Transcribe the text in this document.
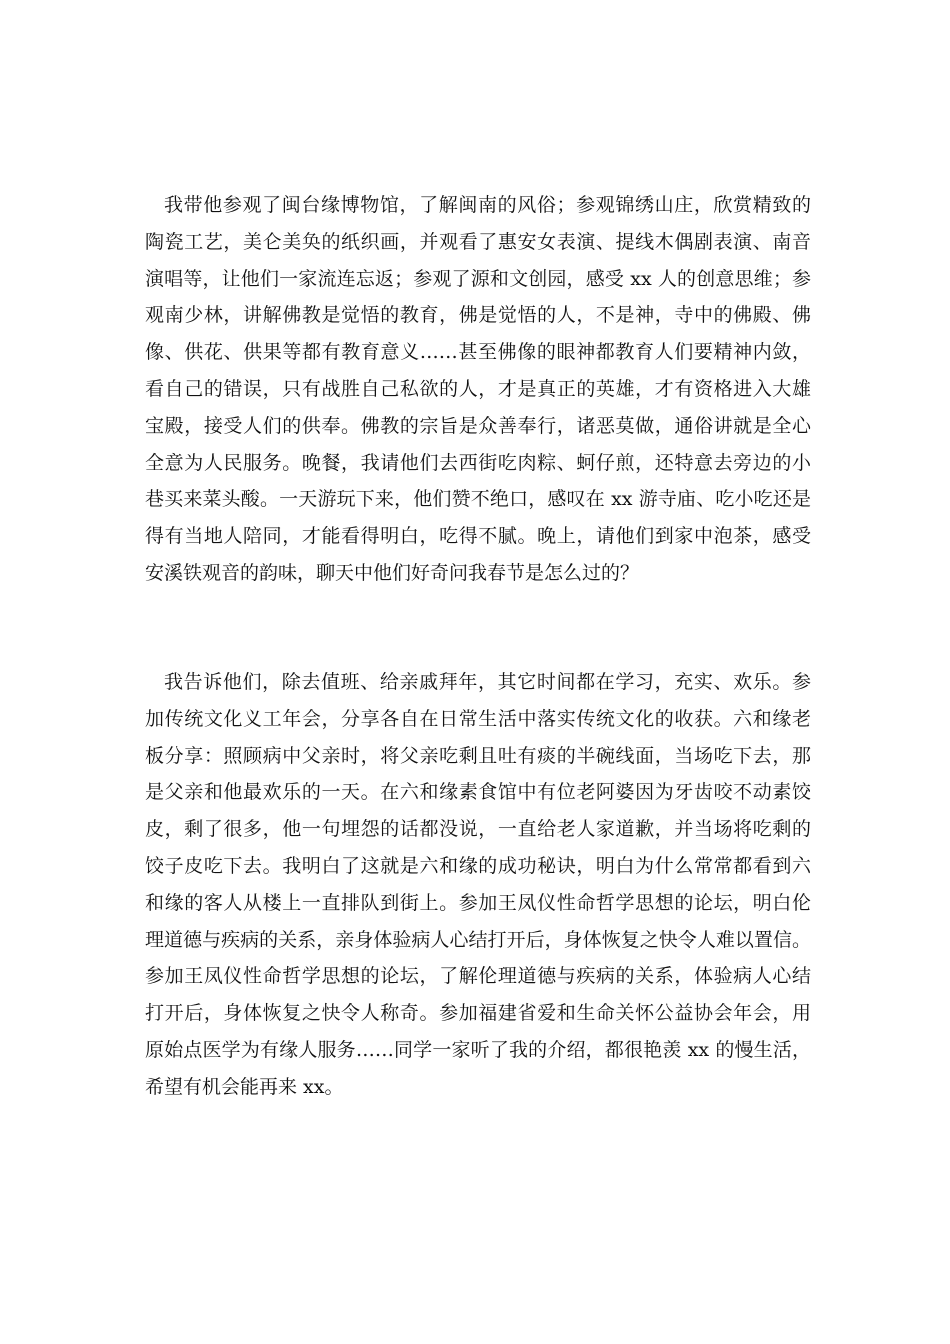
我带他参观了闽台缘博物馆，了解闽南的风俗；参观锦绣山庄，欣赏精致的
陶瓷工艺，美仑美奂的纸织画，并观看了惠安女表演、提线木偶剧表演、南音
演唱等，让他们一家流连忘返；参观了源和文创园，感受 xx 人的创意思维；参
观南少林，讲解佛教是觉悟的教育，佛是觉悟的人，不是神，寺中的佛殿、佛
像、供花、供果等都有教育意义……甚至佛像的眼神都教育人们要精神内敛，
看自己的错误，只有战胜自己私欲的人，才是真正的英雄，才有资格进入大雄
宝殿，接受人们的供奉。佛教的宗旨是众善奉行，诸恶莫做，通俗讲就是全心
全意为人民服务。晚餐，我请他们去西街吃肉粽、蚵仔煎，还特意去旁边的小
巷买来菜头酸。一天游玩下来，他们赞不绝口，感叹在 xx 游寺庙、吃小吃还是
得有当地人陪同，才能看得明白，吃得不腻。晚上，请他们到家中泡茶，感受
安溪铁观音的韵味，聊天中他们好奇问我春节是怎么过的？
我告诉他们，除去值班、给亲戚拜年，其它时间都在学习，充实、欢乐。参
加传统文化义工年会，分享各自在日常生活中落实传统文化的收获。六和缘老
板分享：照顾病中父亲时，将父亲吃剩且吐有痰的半碗线面，当场吃下去，那
是父亲和他最欢乐的一天。在六和缘素食馆中有位老阿婆因为牙齿咬不动素饺
皮，剩了很多，他一句埋怨的话都没说，一直给老人家道歉，并当场将吃剩的
饺子皮吃下去。我明白了这就是六和缘的成功秘诀，明白为什么常常都看到六
和缘的客人从楼上一直排队到街上。参加王凤仪性命哲学思想的论坛，明白伦
理道德与疾病的关系，亲身体验病人心结打开后，身体恢复之快令人难以置信。
参加王凤仪性命哲学思想的论坛，了解伦理道德与疾病的关系，体验病人心结
打开后，身体恢复之快令人称奇。参加福建省爱和生命关怀公益协会年会，用
原始点医学为有缘人服务……同学一家听了我的介绍，都很艳羡 xx 的慢生活，
希望有机会能再来 xx。
